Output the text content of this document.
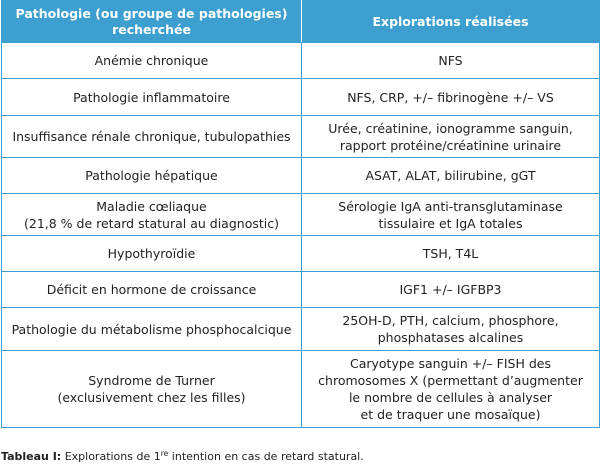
Pathologie (ou groupe de pathologies) recherchée	Explorations réalisées

Anémie chronique	NFS

Pathologie inflammatoire	NFS, CRP, +/– fibrinogène +/– VS

Insuffisance rénale chronique, tubulopathies	Urée, créatinine, ionogramme sanguin,
rapport protéine/créatinine urinaire

Pathologie hépatique	ASAT, ALAT, bilirubine, gGT

Maladie cœliaque
(21,8 % de retard statural au diagnostic)	Sérologie IgA anti-transglutaminase
tissulaire et IgA totales

Hypothyroïdie	TSH, T4L

Déficit en hormone de croissance	IGF1 +/– IGFBP3

Pathologie du métabolisme phosphocalcique	25OH-D, PTH, calcium, phosphore,
phosphatases alcalines

Syndrome de Turner
(exclusivement chez les filles)	Caryotype sanguin +/– FISH des
chromosomes X (permettant d’augmenter
le nombre de cellules à analyser
et de traquer une mosaïque)
Tableau I: Explorations de 1re intention en cas de retard statural.
